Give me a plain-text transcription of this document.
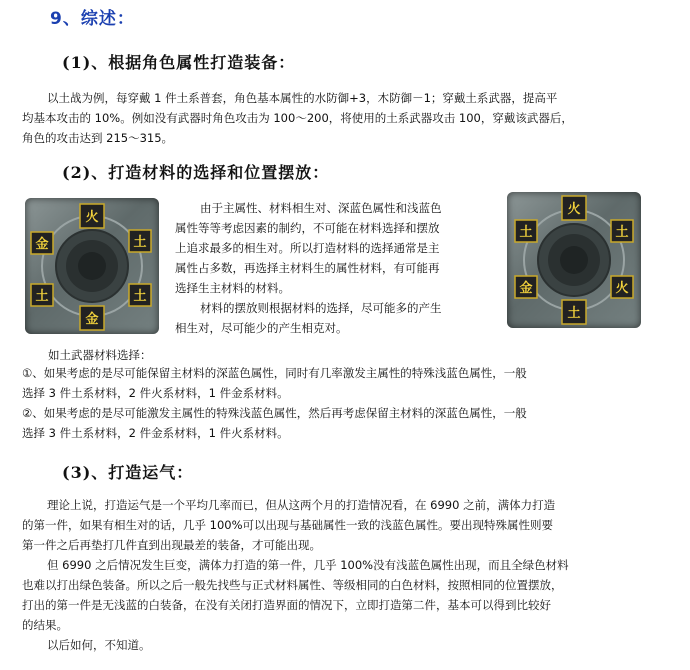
9、综述：
(1)、根据角色属性打造装备：

以土战为例，每穿戴 1 件土系普套，角色基本属性的水防御+3，木防御－1；穿戴土系武器，提高平

均基本攻击的 10%。例如没有武器时角色攻击为 100～200，将使用的土系武器攻击 100，穿戴该武器后，

角色的攻击达到 215～315。

(2)、打造材料的选择和位置摆放：
火
土
土
金
土
金

由于主属性、材料相生对、深蓝色属性和浅蓝色

属性等等考虑因素的制约，不可能在材料选择和摆放

上追求最多的相生对。所以打造材料的选择通常是主

属性占多数，再选择主材料生的属性材料，有可能再

选择生主材料的材料。

材料的摆放则根据材料的选择，尽可能多的产生

相生对，尽可能少的产生相克对。

火
土	土
金	火
土
如土武器材料选择：

①、如果考虑的是尽可能保留主材料的深蓝色属性，同时有几率激发主属性的特殊浅蓝色属性，一般

选择 3 件土系材料，2 件火系材料，1 件金系材料。

②、如果考虑的是尽可能激发主属性的特殊浅蓝色属性，然后再考虑保留主材料的深蓝色属性，一般

选择 3 件土系材料，2 件金系材料，1 件火系材料。

(3)、打造运气：

理论上说，打造运气是一个平均几率而已，但从这两个月的打造情况看，在 6990 之前，满体力打造

的第一件，如果有相生对的话，几乎 100%可以出现与基础属性一致的浅蓝色属性。要出现特殊属性则要

第一件之后再垫打几件直到出现最差的装备，才可能出现。

但 6990 之后情况发生巨变，满体力打造的第一件，几乎 100%没有浅蓝色属性出现，而且全绿色材料

也难以打出绿色装备。所以之后一般先找些与正式材料属性、等级相同的白色材料，按照相同的位置摆放，

打出的第一件是无浅蓝的白装备，在没有关闭打造界面的情况下，立即打造第二件，基本可以得到比较好

的结果。

以后如何，不知道。
